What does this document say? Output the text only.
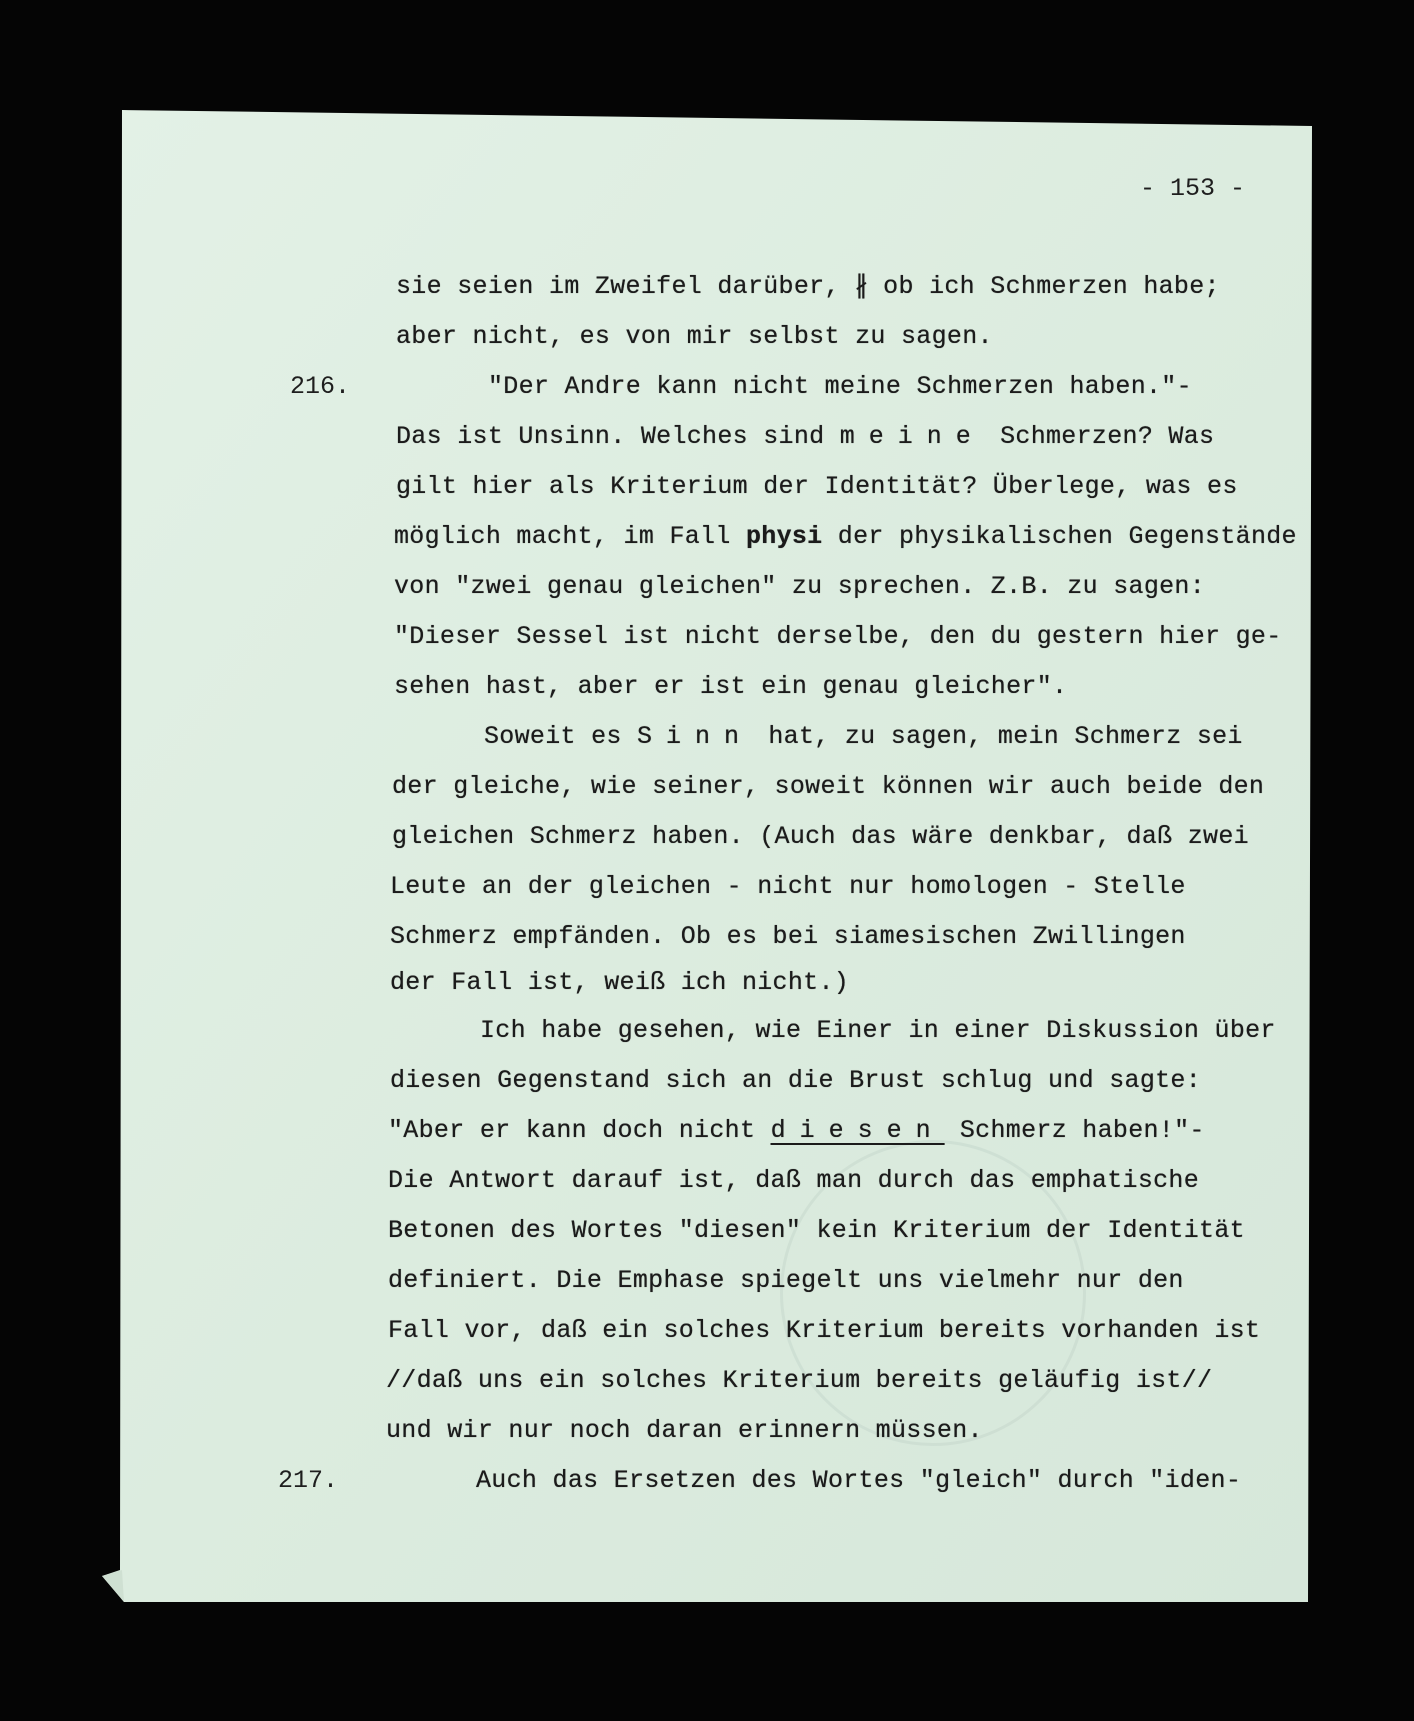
- 153 -
216.
217.
sie seien im Zweifel darüber, ∦ ob ich Schmerzen habe;
aber nicht, es von mir selbst zu sagen.
"Der Andre kann nicht meine Schmerzen haben."-
Das ist Unsinn. Welches sind meine Schmerzen? Was
gilt hier als Kriterium der Identität? Überlege, was es
möglich macht, im Fall physi der physikalischen Gegenstände
von "zwei genau gleichen" zu sprechen. Z.B. zu sagen:
"Dieser Sessel ist nicht derselbe, den du gestern hier ge-
sehen hast, aber er ist ein genau gleicher".
Soweit es Sinn hat, zu sagen, mein Schmerz sei
der gleiche, wie seiner, soweit können wir auch beide den
gleichen Schmerz haben. (Auch das wäre denkbar, daß zwei
Leute an der gleichen - nicht nur homologen - Stelle
Schmerz empfänden. Ob es bei siamesischen Zwillingen
der Fall ist, weiß ich nicht.)
Ich habe gesehen, wie Einer in einer Diskussion über
diesen Gegenstand sich an die Brust schlug und sagte:
"Aber er kann doch nicht diesen Schmerz haben!"-
Die Antwort darauf ist, daß man durch das emphatische
Betonen des Wortes "diesen" kein Kriterium der Identität
definiert. Die Emphase spiegelt uns vielmehr nur den
Fall vor, daß ein solches Kriterium bereits vorhanden ist
//daß uns ein solches Kriterium bereits geläufig ist//
und wir nur noch daran erinnern müssen.
Auch das Ersetzen des Wortes "gleich" durch "iden-
